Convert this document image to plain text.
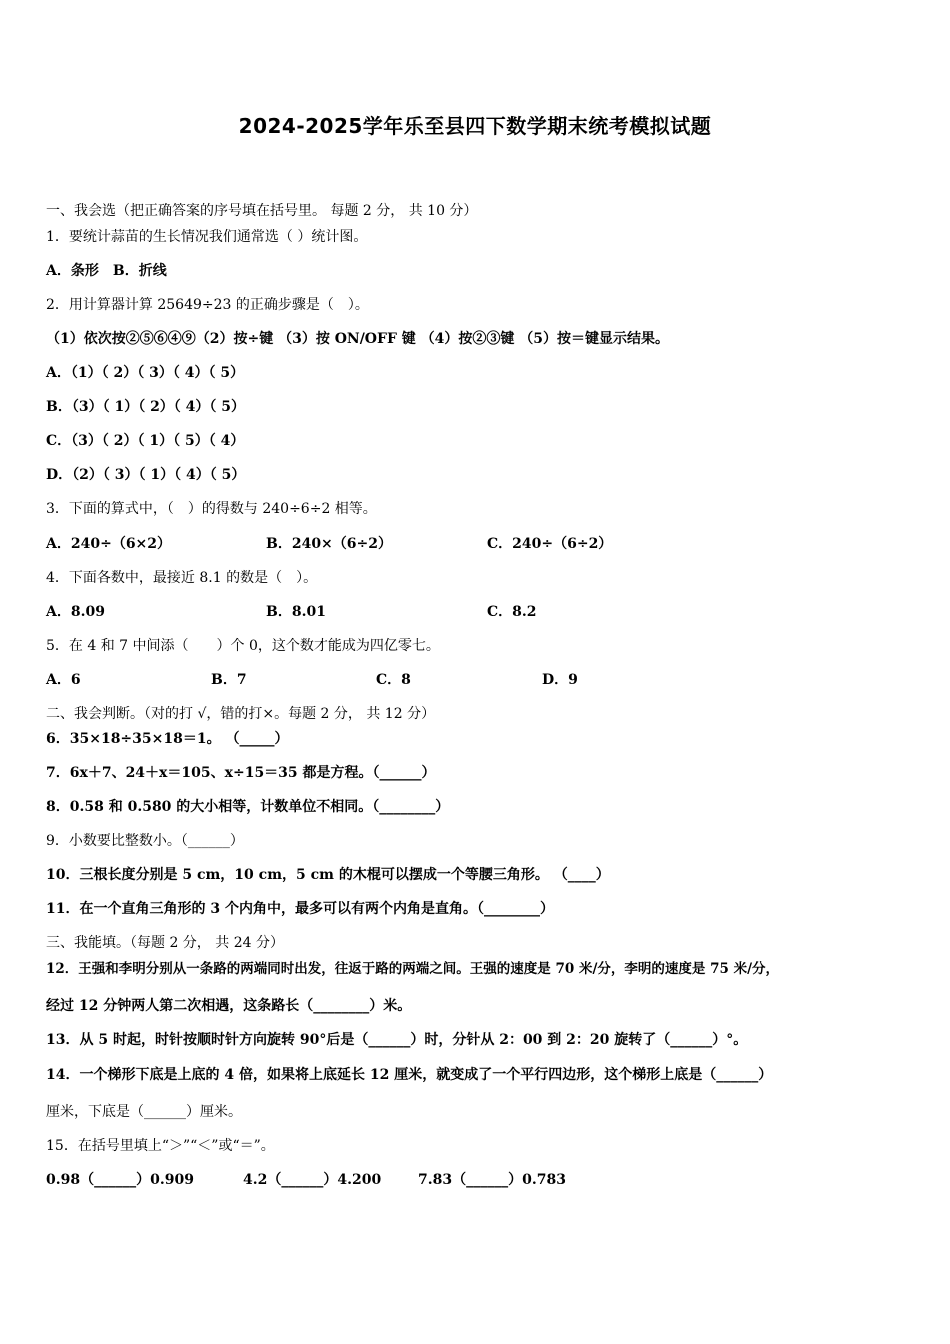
2024-2025学年乐至县四下数学期末统考模拟试题
一、我会选（把正确答案的序号填在括号里。 每题 2 分， 共 10 分）
1．要统计蒜苗的生长情况我们通常选（ ）统计图。
A．条形　B．折线
2．用计算器计算 25649÷23 的正确步骤是（　）。
（1）依次按②⑤⑥④⑨（2）按÷键 （3）按 ON/OFF 键 （4）按②③键 （5）按＝键显示结果。
A．（1）（ 2）（ 3）（ 4）（ 5）
B．（3）（ 1）（ 2）（ 4）（ 5）
C．（3）（ 2）（ 1）（ 5）（ 4）
D．（2）（ 3）（ 1）（ 4）（ 5）
3．下面的算式中，（　）的得数与 240÷6÷2 相等。
A．240÷（6×2）	B．240×（6÷2）	C．240÷（6÷2）
4．下面各数中，最接近 8.1 的数是（　）。
A．8.09	B．8.01	C．8.2
5．在 4 和 7 中间添（　　）个 0，这个数才能成为四亿零七。
A．6	B．7	C．8	D．9
二、我会判断。（对的打 √，错的打×。每题 2 分， 共 12 分）
6．35×18÷35×18＝1。 （_____）
7．6x＋7、24＋x＝105、x÷15＝35 都是方程。（______）
8．0.58 和 0.580 的大小相等，计数单位不相同。（________）
9．小数要比整数小。（______）
10．三根长度分别是 5 cm，10 cm，5 cm 的木棍可以摆成一个等腰三角形。 （____）
11．在一个直角三角形的 3 个内角中，最多可以有两个内角是直角。（________）
三、我能填。（每题 2 分， 共 24 分）
12．王强和李明分别从一条路的两端同时出发，往返于路的两端之间。王强的速度是 70 米/分，李明的速度是 75 米/分，
经过 12 分钟两人第二次相遇，这条路长（________）米。
13．从 5 时起，时针按顺时针方向旋转 90°后是（______）时，分针从 2：00 到 2：20 旋转了（______）°。
14．一个梯形下底是上底的 4 倍，如果将上底延长 12 厘米，就变成了一个平行四边形，这个梯形上底是（______）
厘米，下底是（______）厘米。
15．在括号里填上“＞”“＜”或“＝”。
0.98（______）0.909	4.2（______）4.200	7.83（______）0.783
